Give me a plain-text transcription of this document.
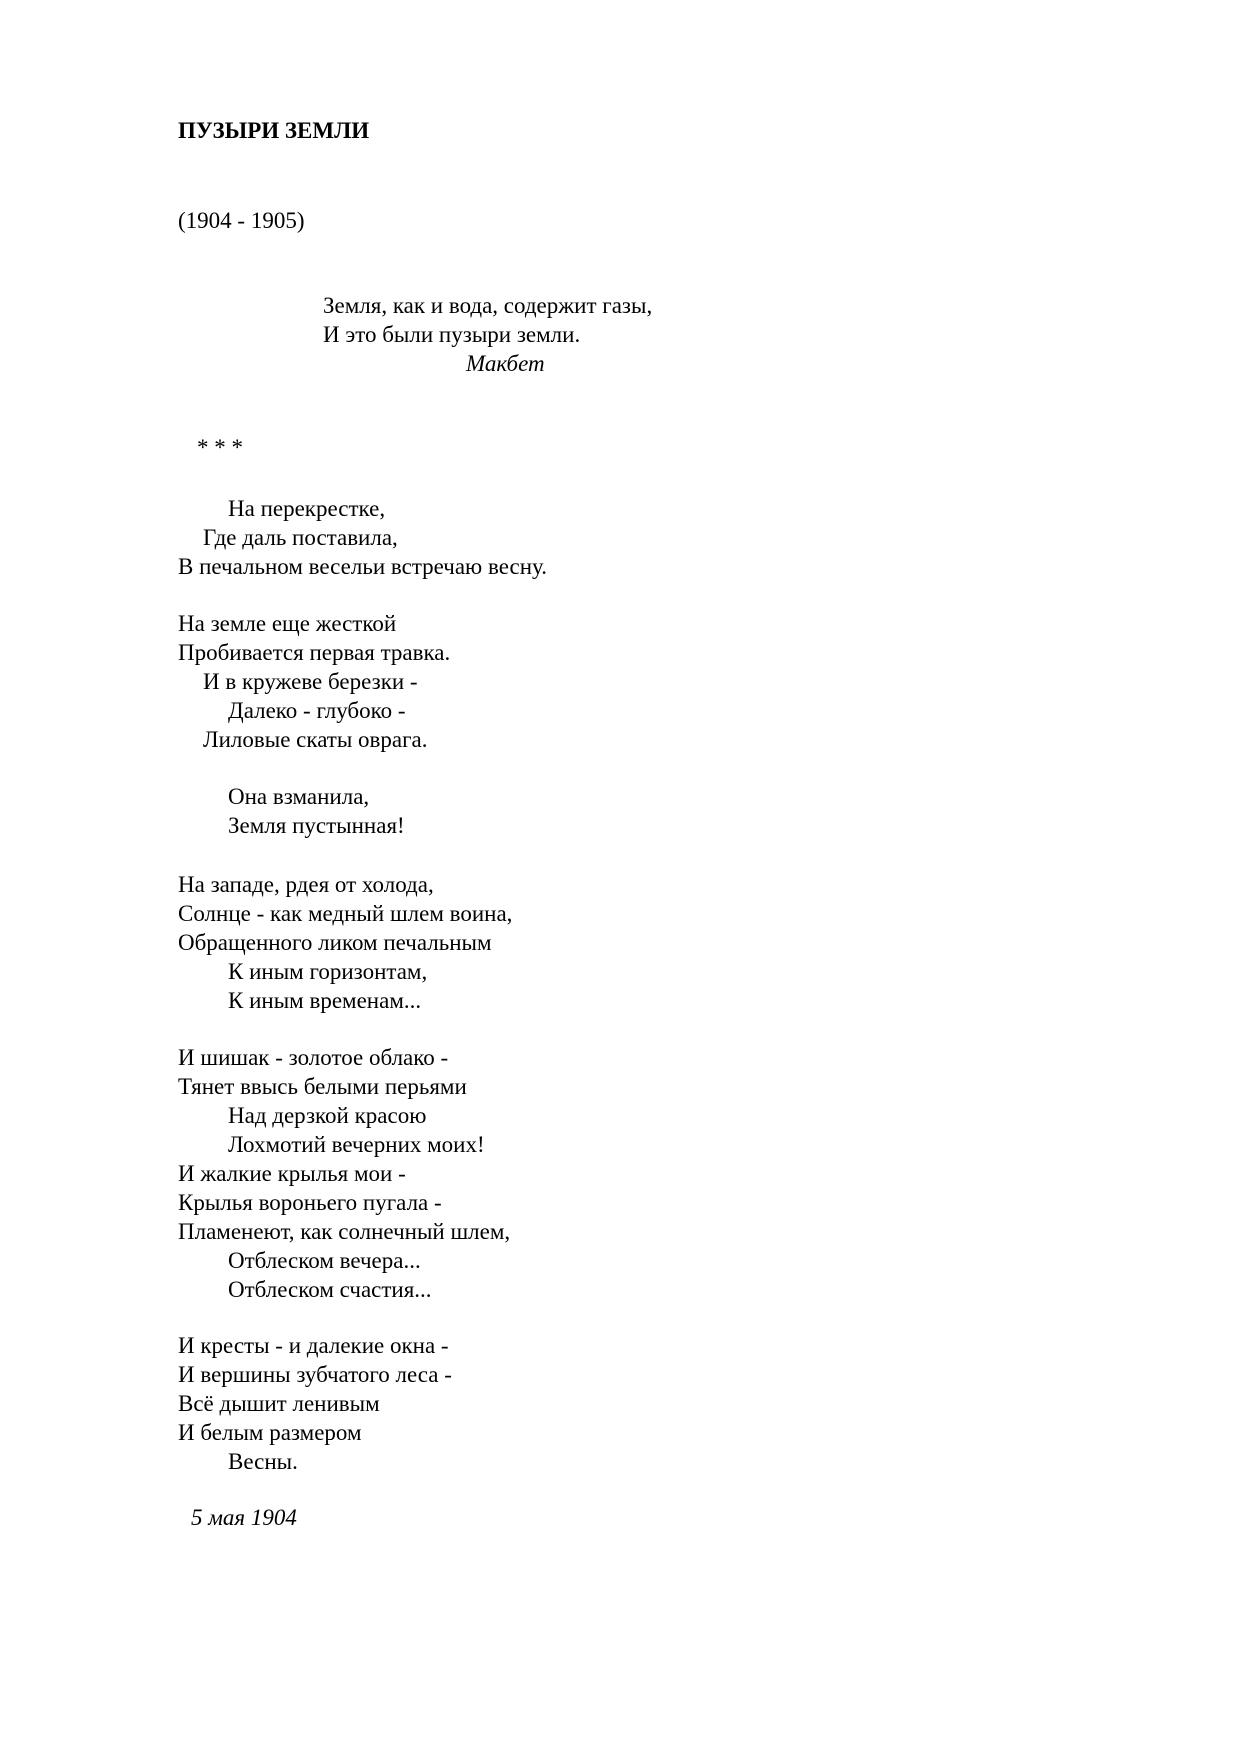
ПУЗЫРИ ЗЕМЛИ

(1904 - 1905)

Земля, как и вода, содержит газы,

И это были пузыри земли.

Макбет

* * *

На перекрестке,
Где даль поставила,
В печальном весельи встречаю весну.
На земле еще жесткой
Пробивается первая травка.
И в кружеве березки -
Далеко - глубоко -
Лиловые скаты оврага.
Она взманила,
Земля пустынная!
На западе, рдея от холода,
Солнце - как медный шлем воина,
Обращенного ликом печальным
К иным горизонтам,
К иным временам...
И шишак - золотое облако -
Тянет ввысь белыми перьями
Над дерзкой красою
Лохмотий вечерних моих!
И жалкие крылья мои -
Крылья вороньего пугала -
Пламенеют, как солнечный шлем,
Отблеском вечера...
Отблеском счастия...
И кресты - и далекие окна -
И вершины зубчатого леса -
Всё дышит ленивым
И белым размером
Весны.

5 мая 1904
